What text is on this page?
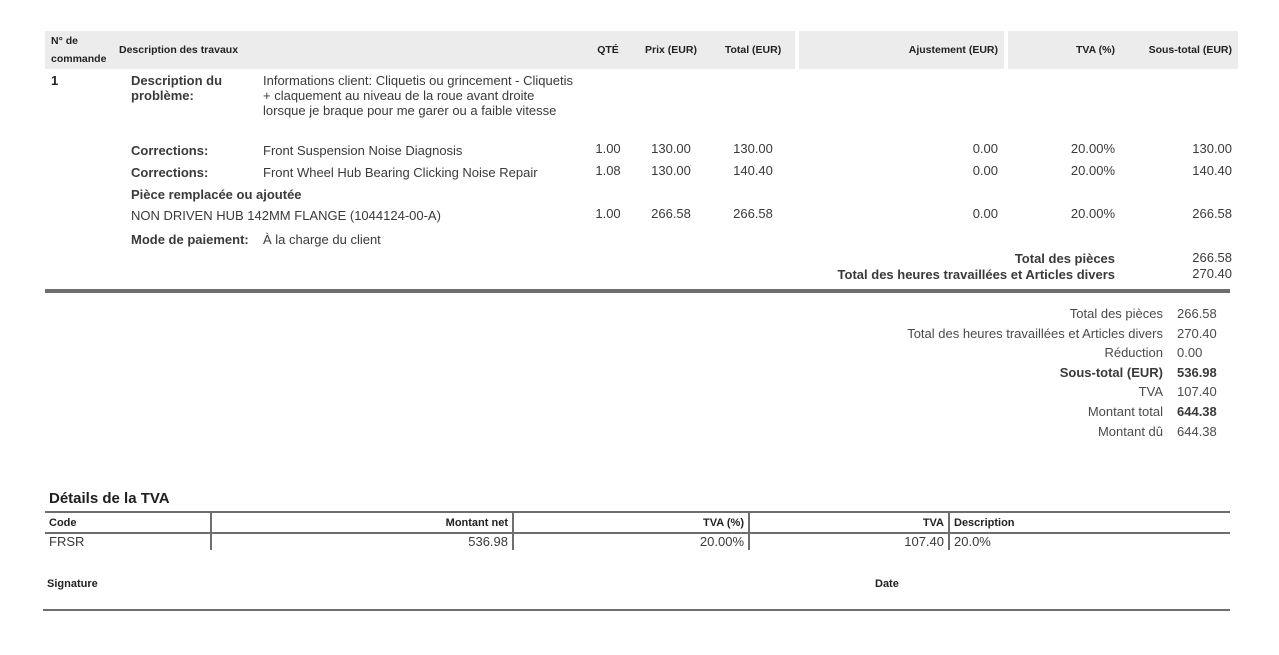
N° de commande	Description des travaux		QTÉ	Prix (EUR)	Total (EUR)		Ajustement (EUR)		TVA (%)	Sous-total (EUR)
1	Description du problème:	Informations client: Cliquetis ou grincement - Cliquetis + claquement au niveau de la roue avant droite lorsque je braque pour me garer ou a faible vitesse								
	Corrections:	Front Suspension Noise Diagnosis	1.00	130.00	130.00		0.00		20.00%	130.00
	Corrections:	Front Wheel Hub Bearing Clicking Noise Repair	1.08	130.00	140.40		0.00		20.00%	140.40
	Pièce remplacée ou ajoutée									
	NON DRIVEN HUB 142MM FLANGE (1044124-00-A)		1.00	266.58	266.58		0.00		20.00%	266.58
	Mode de paiement:	À la charge du client								
Total des pièces										266.58
Total des heures travaillées et Articles divers										270.40
Total des pièces	266.58
Total des heures travaillées et Articles divers	270.40
Réduction	0.00
Sous-total (EUR)	536.98
TVA	107.40
Montant total	644.38
Montant dû	644.38
Détails de la TVA
Code	Montant net	TVA (%)	TVA	Description
FRSR	536.98	20.00%	107.40	20.0%
Signature	Date
